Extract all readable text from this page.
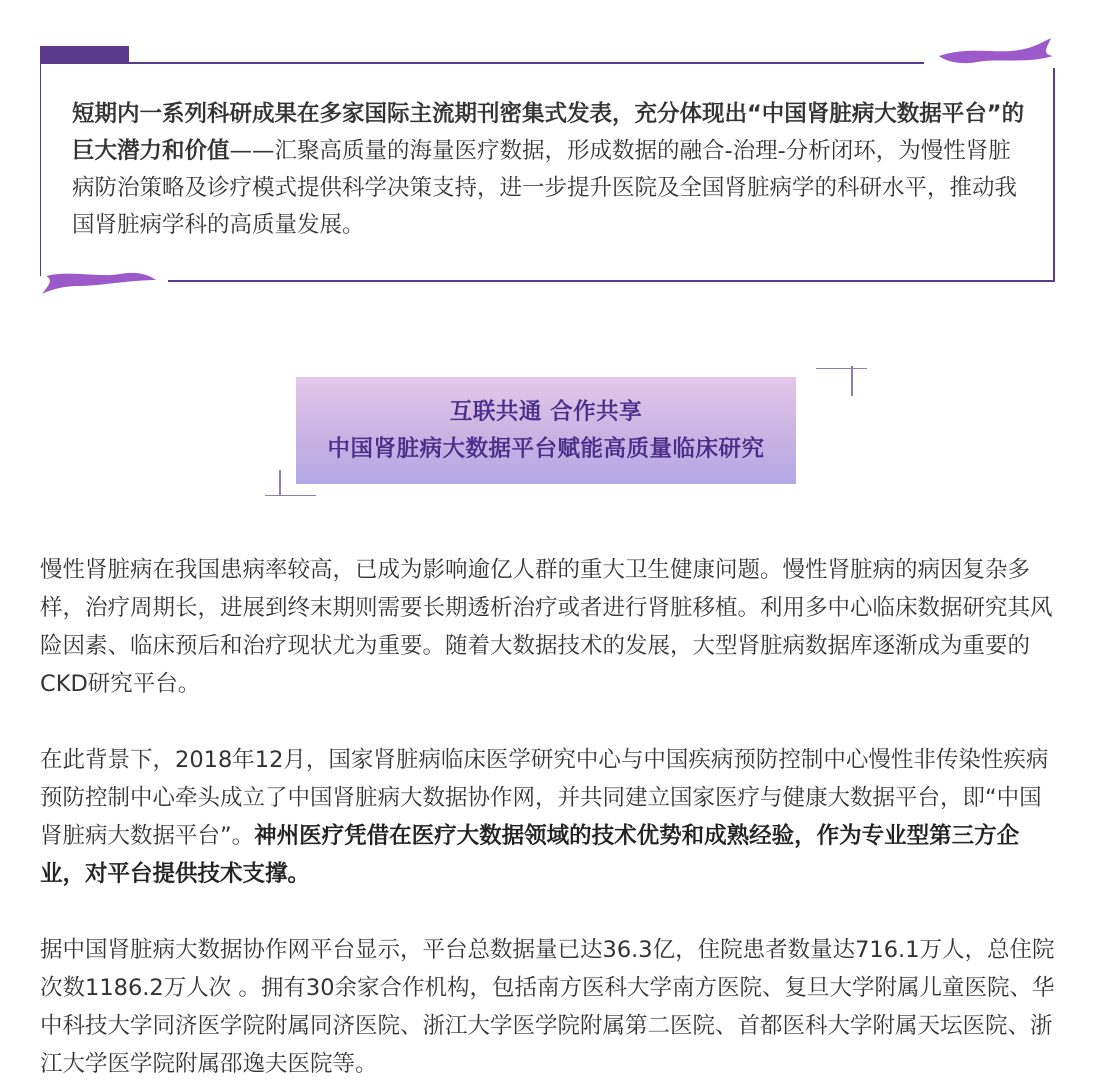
短期内一系列科研成果在多家国际主流期刊密集式发表，充分体现出“中国肾脏病大数据平台”的巨大潜力和价值——汇聚高质量的海量医疗数据，形成数据的融合-治理-分析闭环，为慢性肾脏病防治策略及诊疗模式提供科学决策支持，进一步提升医院及全国肾脏病学的科研水平，推动我国肾脏病学科的高质量发展。

互联共通 合作共享
中国肾脏病大数据平台赋能高质量临床研究

慢性肾脏病在我国患病率较高，已成为影响逾亿人群的重大卫生健康问题。慢性肾脏病的病因复杂多样，治疗周期长，进展到终末期则需要长期透析治疗或者进行肾脏移植。利用多中心临床数据研究其风险因素、临床预后和治疗现状尤为重要。随着大数据技术的发展，大型肾脏病数据库逐渐成为重要的CKD研究平台。

在此背景下，2018年12月，国家肾脏病临床医学研究中心与中国疾病预防控制中心慢性非传染性疾病预防控制中心牵头成立了中国肾脏病大数据协作网，并共同建立国家医疗与健康大数据平台，即“中国肾脏病大数据平台”。神州医疗凭借在医疗大数据领域的技术优势和成熟经验，作为专业型第三方企业，对平台提供技术支撑。

据中国肾脏病大数据协作网平台显示，平台总数据量已达36.3亿，住院患者数量达716.1万人，总住院次数1186.2万人次 。拥有30余家合作机构，包括南方医科大学南方医院、复旦大学附属儿童医院、华中科技大学同济医学院附属同济医院、浙江大学医学院附属第二医院、首都医科大学附属天坛医院、浙江大学医学院附属邵逸夫医院等。
